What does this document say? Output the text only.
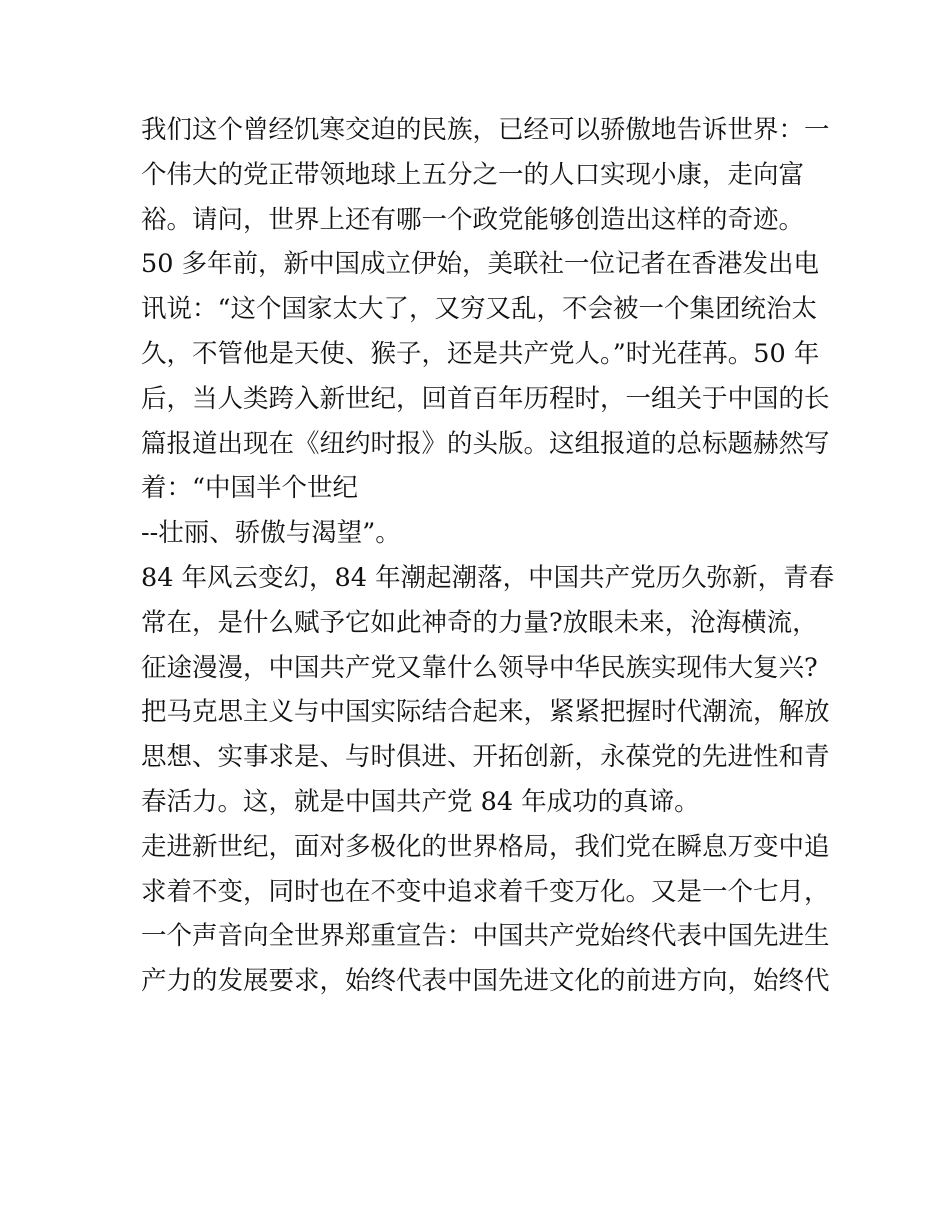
我们这个曾经饥寒交迫的民族，已经可以骄傲地告诉世界：一
个伟大的党正带领地球上五分之一的人口实现小康，走向富
裕。请问，世界上还有哪一个政党能够创造出这样的奇迹。
50 多年前，新中国成立伊始，美联社一位记者在香港发出电
讯说：“这个国家太大了，又穷又乱，不会被一个集团统治太
久，不管他是天使、猴子，还是共产党人。”时光荏苒。50 年
后，当人类跨入新世纪，回首百年历程时，一组关于中国的长
篇报道出现在《纽约时报》的头版。这组报道的总标题赫然写
着：“中国半个世纪
--壮丽、骄傲与渴望”。
84 年风云变幻，84 年潮起潮落，中国共产党历久弥新，青春
常在，是什么赋予它如此神奇的力量?放眼未来，沧海横流，
征途漫漫，中国共产党又靠什么领导中华民族实现伟大复兴?
把马克思主义与中国实际结合起来，紧紧把握时代潮流，解放
思想、实事求是、与时俱进、开拓创新，永葆党的先进性和青
春活力。这，就是中国共产党 84 年成功的真谛。
走进新世纪，面对多极化的世界格局，我们党在瞬息万变中追
求着不变，同时也在不变中追求着千变万化。又是一个七月，
一个声音向全世界郑重宣告：中国共产党始终代表中国先进生
产力的发展要求，始终代表中国先进文化的前进方向，始终代
